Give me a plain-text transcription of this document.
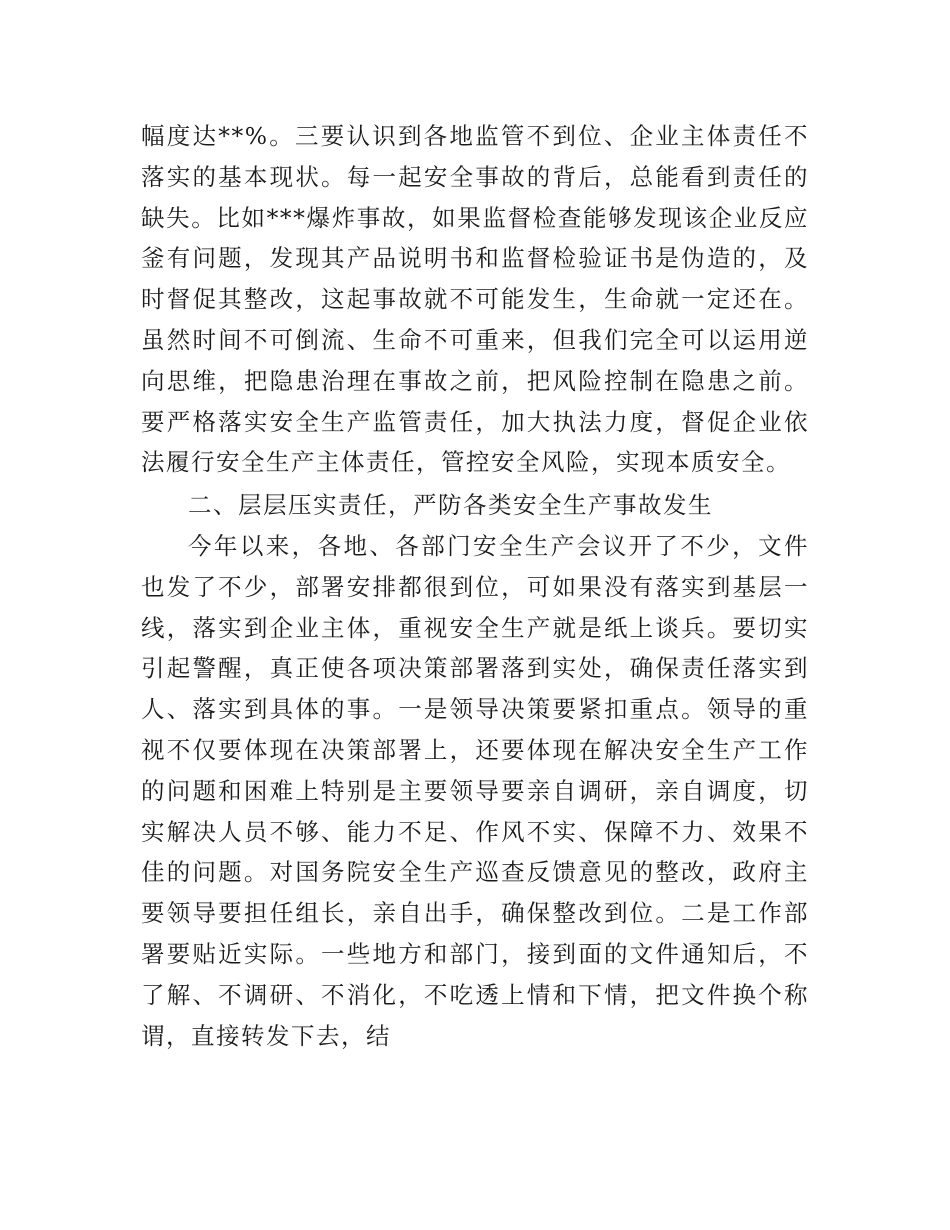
幅度达**%。三要认识到各地监管不到位、企业主体责任不落实的基本现状。每一起安全事故的背后，总能看到责任的缺失。比如***爆炸事故，如果监督检查能够发现该企业反应釜有问题，发现其产品说明书和监督检验证书是伪造的，及时督促其整改，这起事故就不可能发生，生命就一定还在。虽然时间不可倒流、生命不可重来，但我们完全可以运用逆向思维，把隐患治理在事故之前，把风险控制在隐患之前。要严格落实安全生产监管责任，加大执法力度，督促企业依法履行安全生产主体责任，管控安全风险，实现本质安全。

二、层层压实责任，严防各类安全生产事故发生

今年以来，各地、各部门安全生产会议开了不少，文件也发了不少，部署安排都很到位，可如果没有落实到基层一线，落实到企业主体，重视安全生产就是纸上谈兵。要切实引起警醒，真正使各项决策部署落到实处，确保责任落实到人、落实到具体的事。一是领导决策要紧扣重点。领导的重视不仅要体现在决策部署上，还要体现在解决安全生产工作的问题和困难上特别是主要领导要亲自调研，亲自调度，切实解决人员不够、能力不足、作风不实、保障不力、效果不佳的问题。对国务院安全生产巡查反馈意见的整改，政府主要领导要担任组长，亲自出手，确保整改到位。二是工作部署要贴近实际。一些地方和部门，接到面的文件通知后，不了解、不调研、不消化，不吃透上情和下情，把文件换个称谓，直接转发下去，结
